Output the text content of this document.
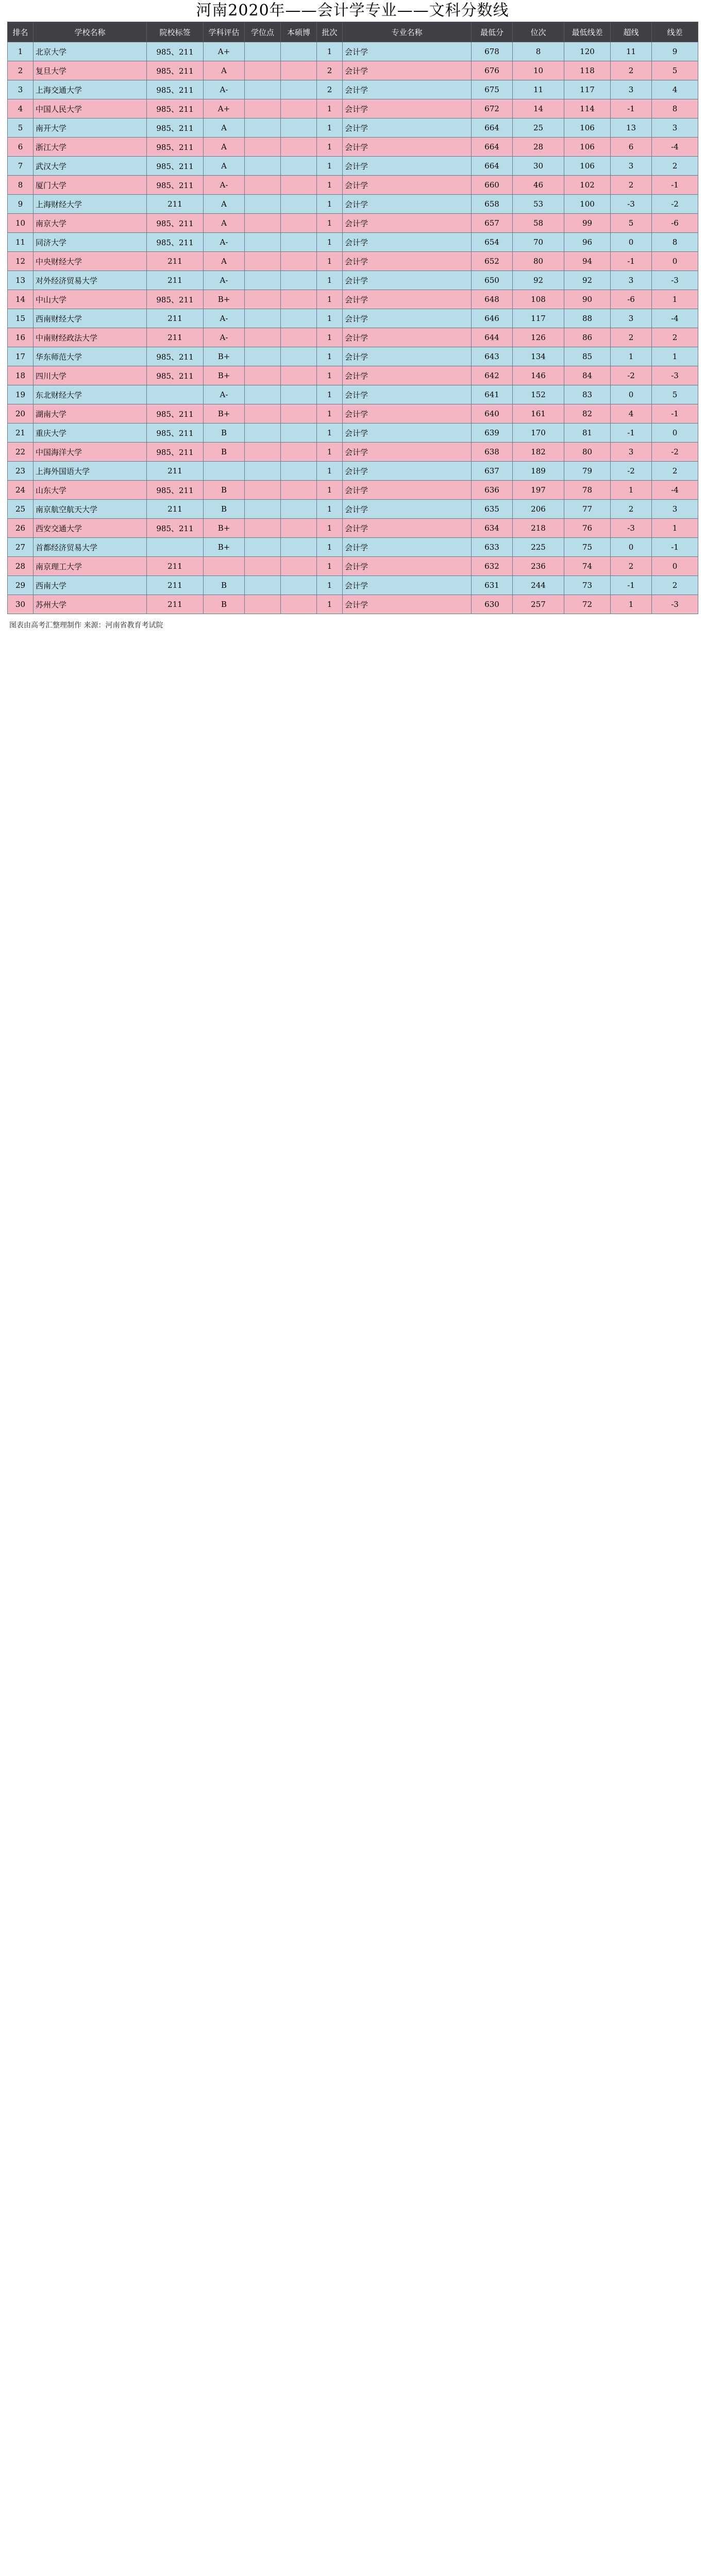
河南2020年——会计学专业——文科分数线
排名	学校名称	院校标签	学科评估	学位点	本硕博	批次	专业名称	最低分	位次	最低线差	超线	线差
1	北京大学	985、211	A+			1	会计学	678	8	120	11	9
2	复旦大学	985、211	A			2	会计学	676	10	118	2	5
3	上海交通大学	985、211	A-			2	会计学	675	11	117	3	4
4	中国人民大学	985、211	A+			1	会计学	672	14	114	-1	8
5	南开大学	985、211	A			1	会计学	664	25	106	13	3
6	浙江大学	985、211	A			1	会计学	664	28	106	6	-4
7	武汉大学	985、211	A			1	会计学	664	30	106	3	2
8	厦门大学	985、211	A-			1	会计学	660	46	102	2	-1
9	上海财经大学	211	A			1	会计学	658	53	100	-3	-2
10	南京大学	985、211	A			1	会计学	657	58	99	5	-6
11	同济大学	985、211	A-			1	会计学	654	70	96	0	8
12	中央财经大学	211	A			1	会计学	652	80	94	-1	0
13	对外经济贸易大学	211	A-			1	会计学	650	92	92	3	-3
14	中山大学	985、211	B+			1	会计学	648	108	90	-6	1
15	西南财经大学	211	A-			1	会计学	646	117	88	3	-4
16	中南财经政法大学	211	A-			1	会计学	644	126	86	2	2
17	华东师范大学	985、211	B+			1	会计学	643	134	85	1	1
18	四川大学	985、211	B+			1	会计学	642	146	84	-2	-3
19	东北财经大学		A-			1	会计学	641	152	83	0	5
20	湖南大学	985、211	B+			1	会计学	640	161	82	4	-1
21	重庆大学	985、211	B			1	会计学	639	170	81	-1	0
22	中国海洋大学	985、211	B			1	会计学	638	182	80	3	-2
23	上海外国语大学	211				1	会计学	637	189	79	-2	2
24	山东大学	985、211	B			1	会计学	636	197	78	1	-4
25	南京航空航天大学	211	B			1	会计学	635	206	77	2	3
26	西安交通大学	985、211	B+			1	会计学	634	218	76	-3	1
27	首都经济贸易大学		B+			1	会计学	633	225	75	0	-1
28	南京理工大学	211				1	会计学	632	236	74	2	0
29	西南大学	211	B			1	会计学	631	244	73	-1	2
30	苏州大学	211	B			1	会计学	630	257	72	1	-3
图表由高考汇整理制作 来源：河南省教育考试院
